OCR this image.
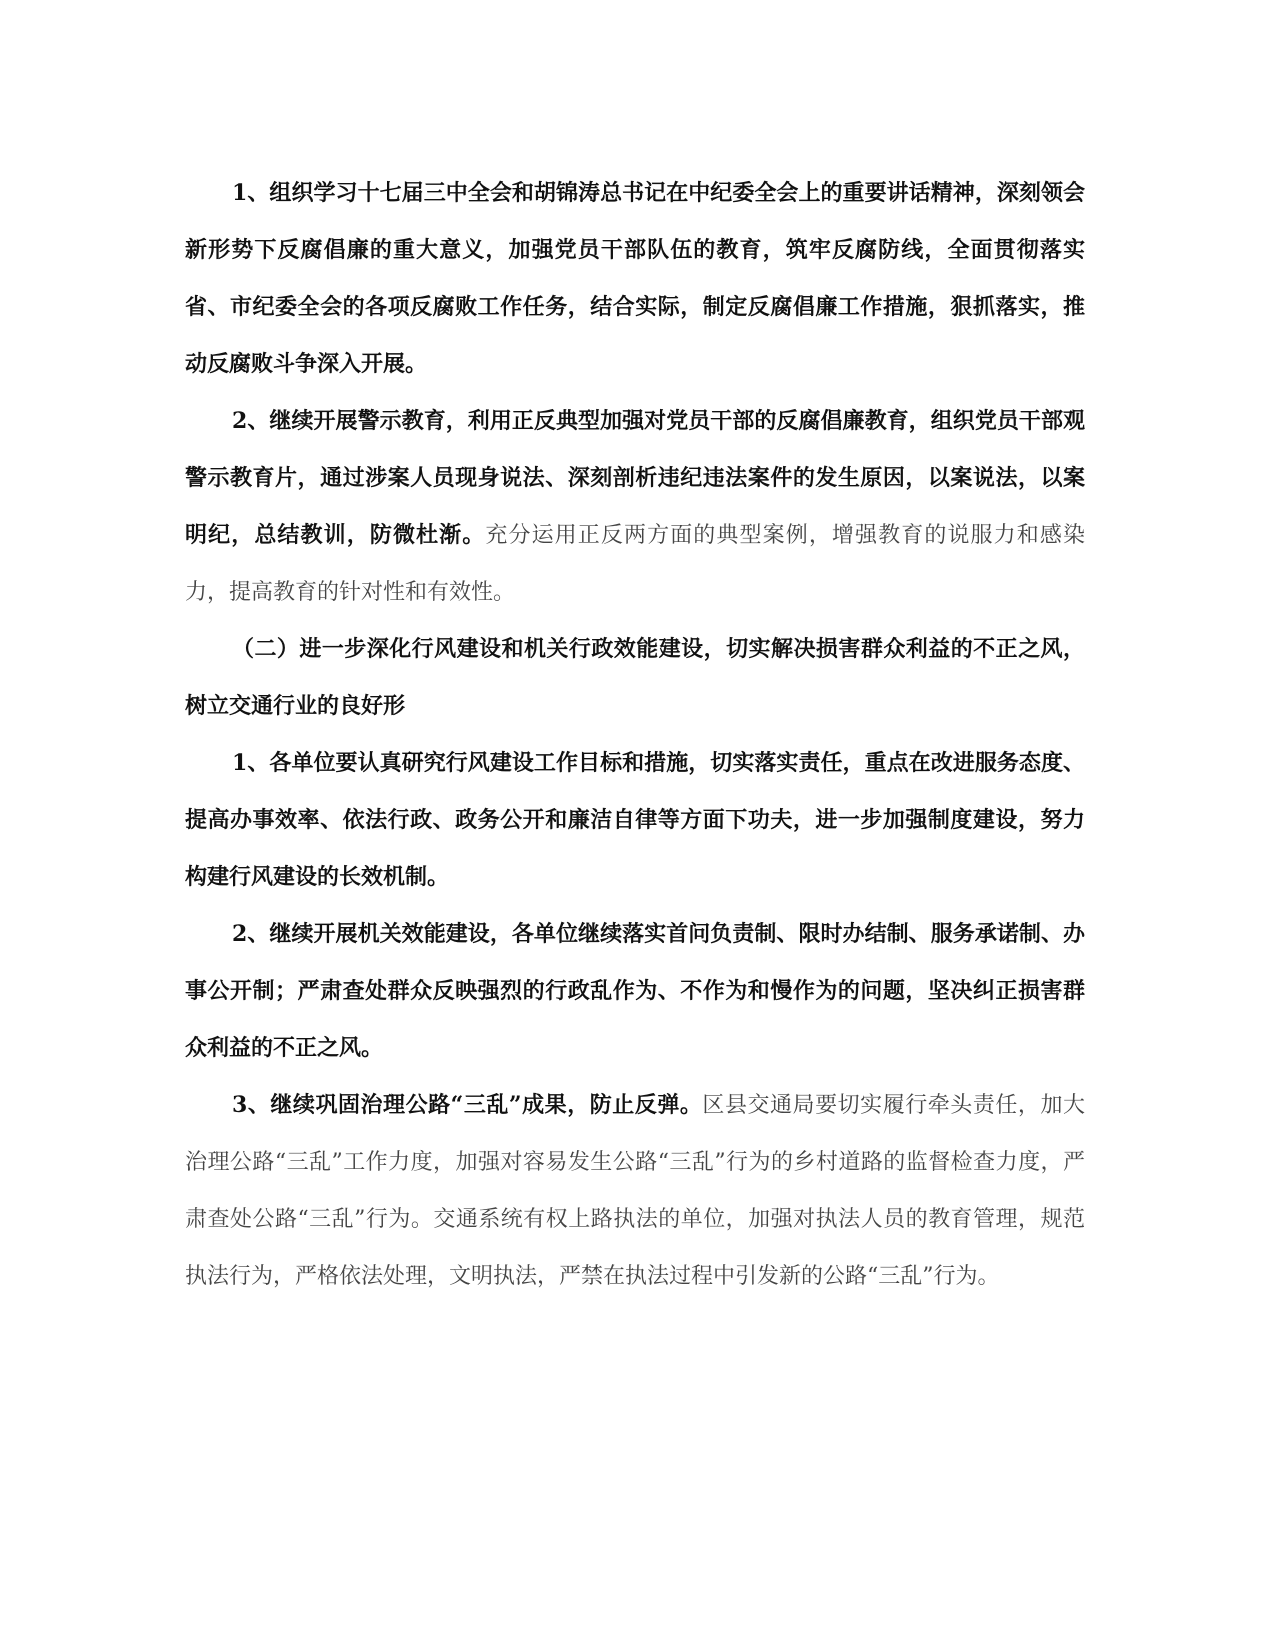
1、组织学习十七届三中全会和胡锦涛总书记在中纪委全会上的重要讲话精神，深刻领会新形势下反腐倡廉的重大意义，加强党员干部队伍的教育，筑牢反腐防线，全面贯彻落实省、市纪委全会的各项反腐败工作任务，结合实际，制定反腐倡廉工作措施，狠抓落实，推动反腐败斗争深入开展。

2、继续开展警示教育，利用正反典型加强对党员干部的反腐倡廉教育，组织党员干部观警示教育片，通过涉案人员现身说法、深刻剖析违纪违法案件的发生原因，以案说法，以案明纪，总结教训，防微杜渐。充分运用正反两方面的典型案例，增强教育的说服力和感染力，提高教育的针对性和有效性。

（二）进一步深化行风建设和机关行政效能建设，切实解决损害群众利益的不正之风，树立交通行业的良好形

1、各单位要认真研究行风建设工作目标和措施，切实落实责任，重点在改进服务态度、提高办事效率、依法行政、政务公开和廉洁自律等方面下功夫，进一步加强制度建设，努力构建行风建设的长效机制。

2、继续开展机关效能建设，各单位继续落实首问负责制、限时办结制、服务承诺制、办事公开制；严肃查处群众反映强烈的行政乱作为、不作为和慢作为的问题，坚决纠正损害群众利益的不正之风。

3、继续巩固治理公路“三乱”成果，防止反弹。区县交通局要切实履行牵头责任，加大治理公路“三乱”工作力度，加强对容易发生公路“三乱”行为的乡村道路的监督检查力度，严肃查处公路“三乱”行为。交通系统有权上路执法的单位，加强对执法人员的教育管理，规范执法行为，严格依法处理，文明执法，严禁在执法过程中引发新的公路“三乱”行为。
